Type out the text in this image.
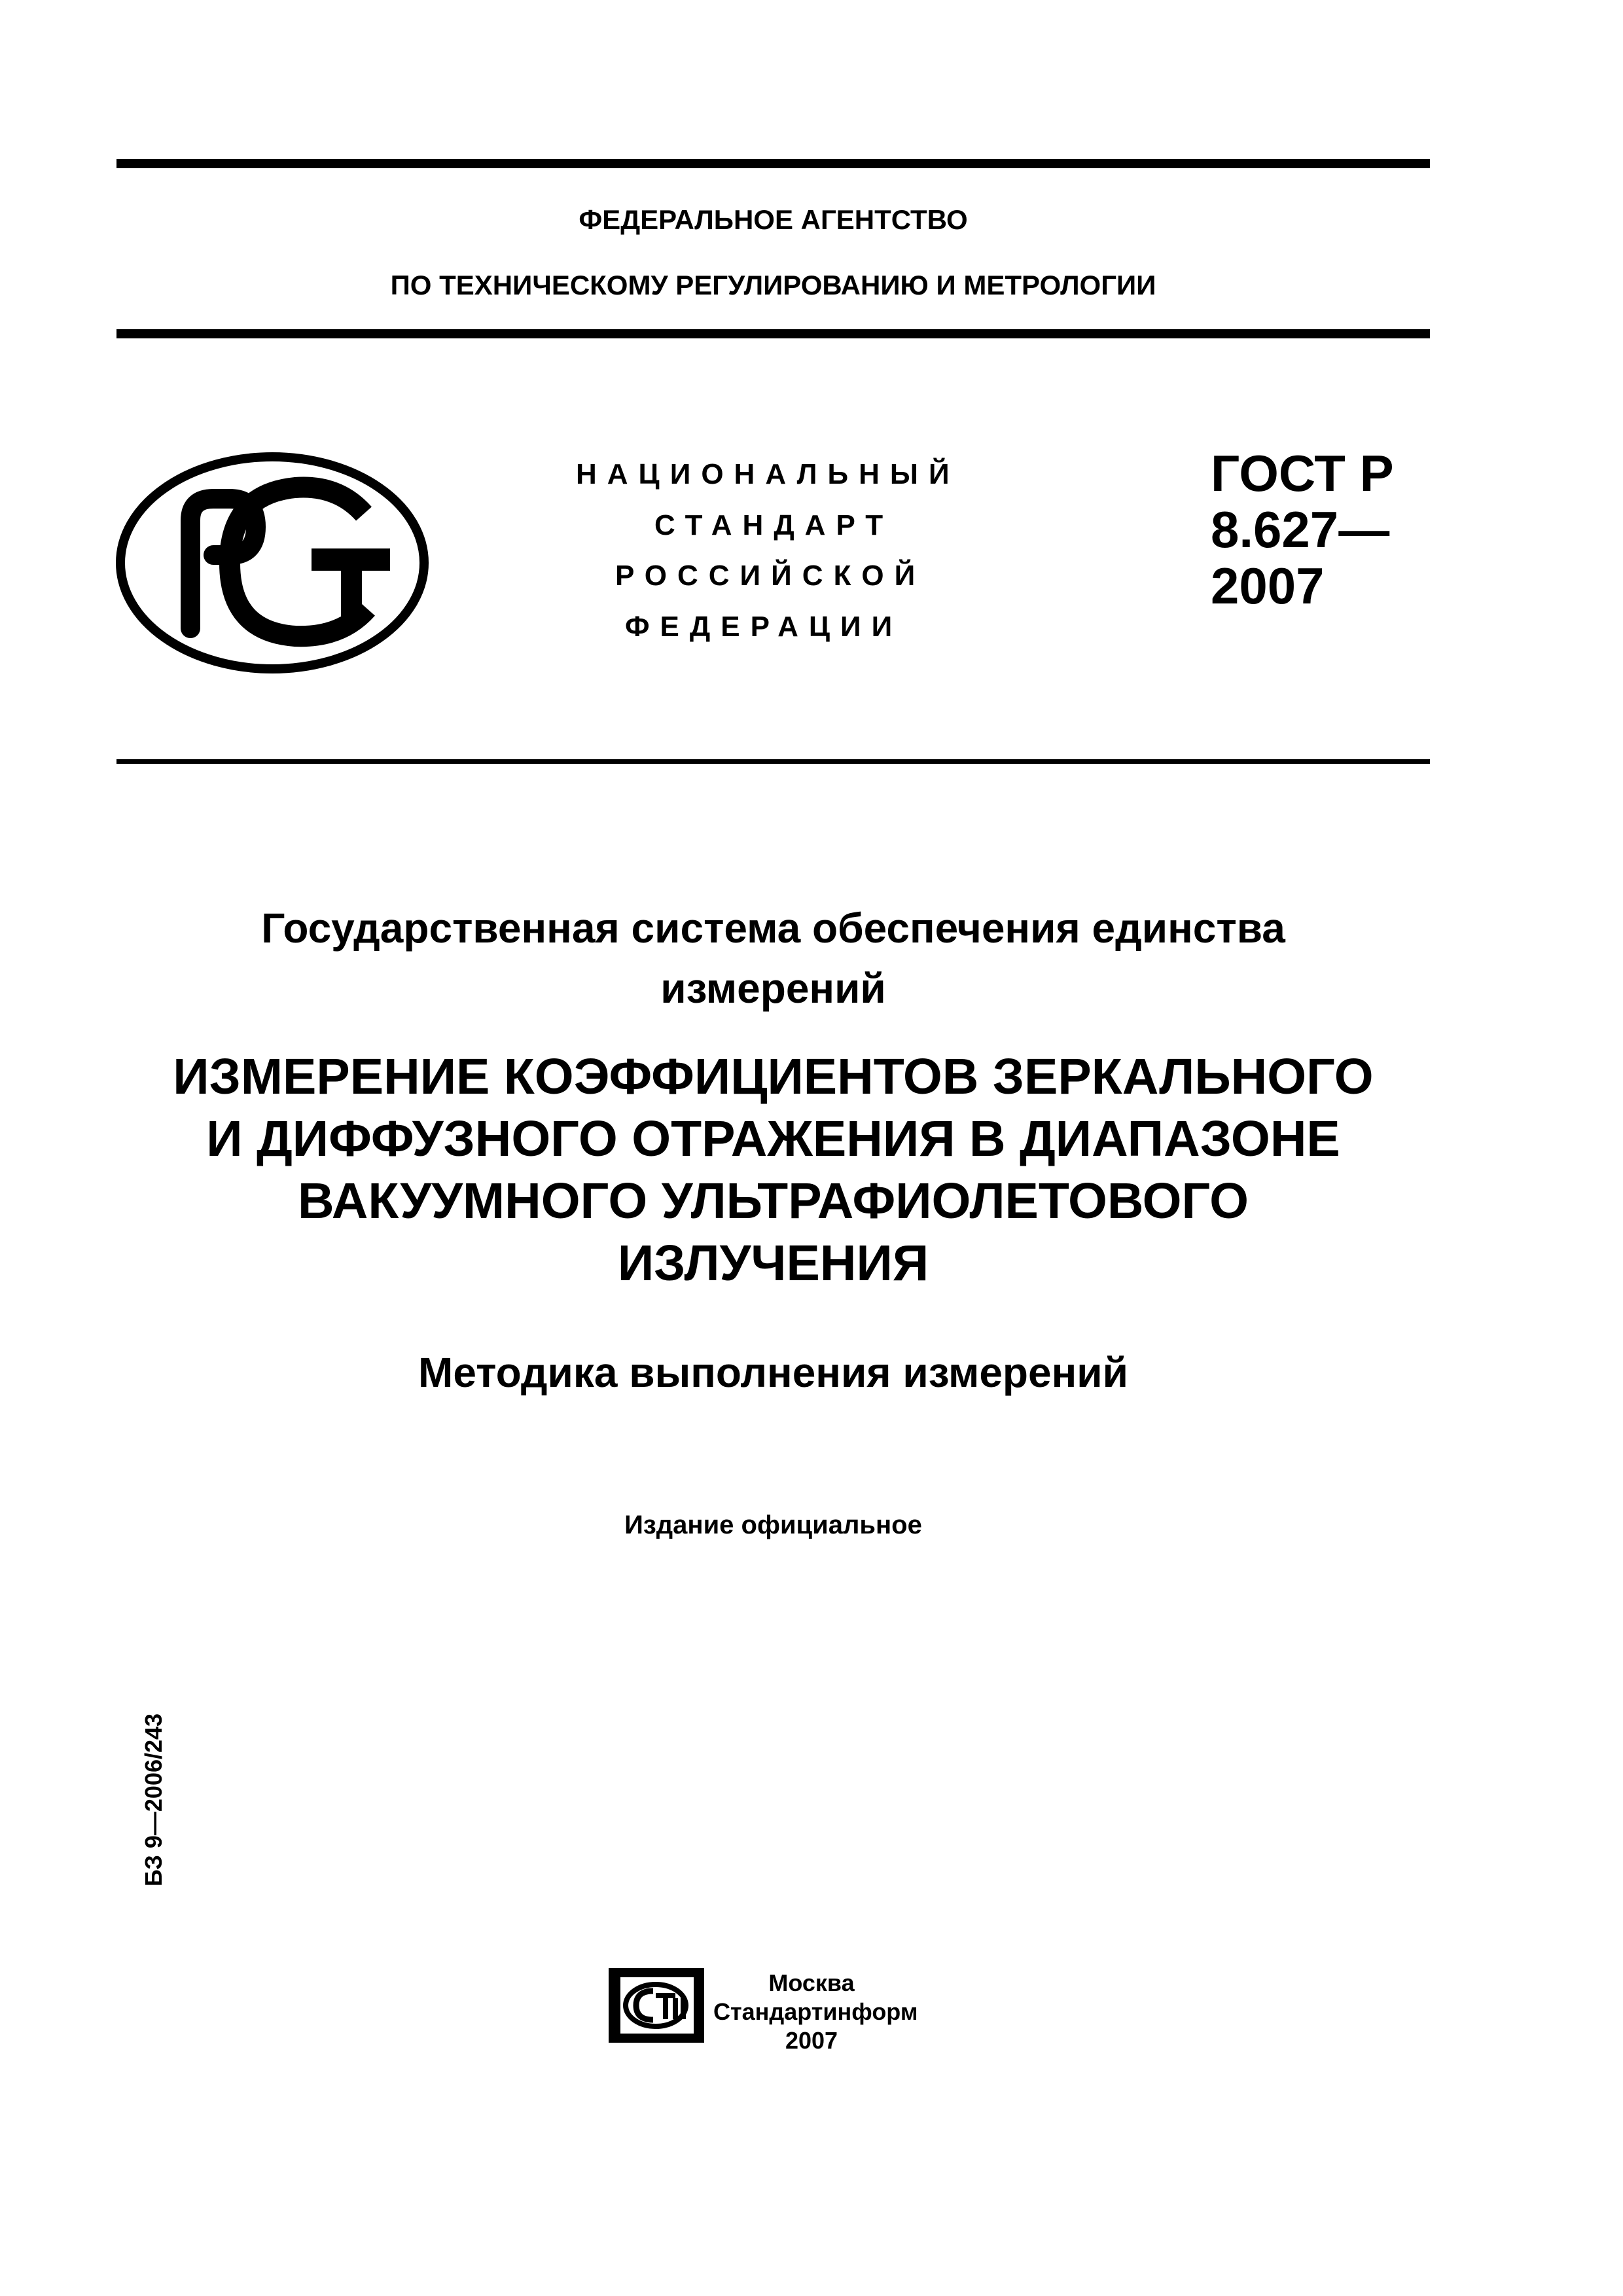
ФЕДЕРАЛЬНОЕ АГЕНТСТВО
ПО ТЕХНИЧЕСКОМУ РЕГУЛИРОВАНИЮ И МЕТРОЛОГИИ
НАЦИОНАЛЬНЫЙ
СТАНДАРТ
РОССИЙСКОЙ
ФЕДЕРАЦИИ
ГОСТ Р
8.627—
2007
Государственная система обеспечения единства
измерений
ИЗМЕРЕНИЕ КОЭФФИЦИЕНТОВ ЗЕРКАЛЬНОГО
И ДИФФУЗНОГО ОТРАЖЕНИЯ В ДИАПАЗОНЕ
ВАКУУМНОГО УЛЬТРАФИОЛЕТОВОГО
ИЗЛУЧЕНИЯ
Методика выполнения измерений
Издание официальное
БЗ 9—2006/243
Москва
Стандартинформ
2007
